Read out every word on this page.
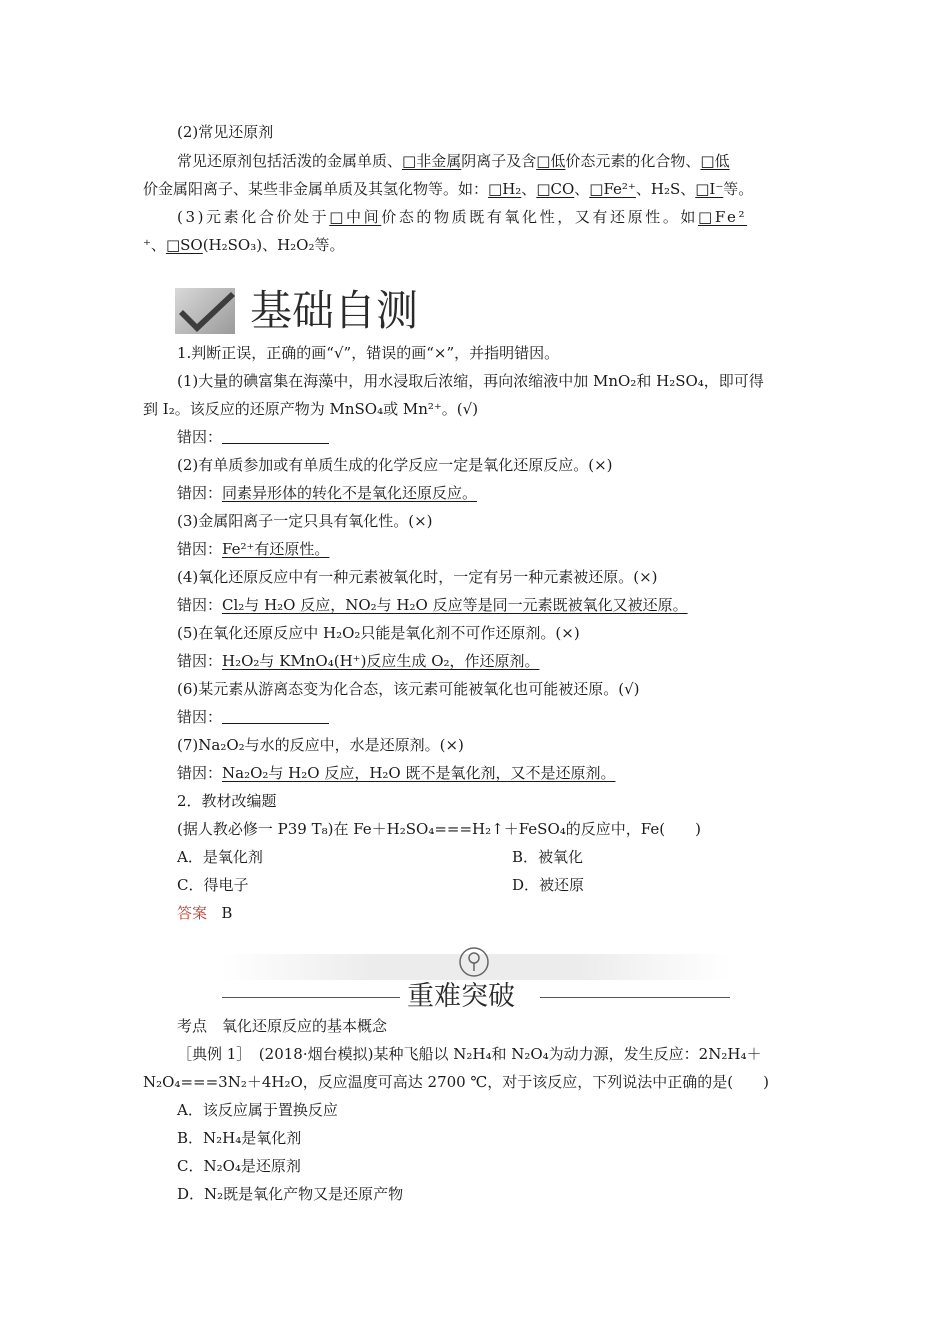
(2)常见还原剂
常见还原剂包括活泼的金属单质、□非金属阴离子及含□低价态元素的化合物、□低
价金属阳离子、某些非金属单质及其氢化物等。如：□H₂、□CO、□Fe²⁺、H₂S、□I⁻等。
(3)元素化合价处于□中间价态的物质既有氧化性，又有还原性。如□Fe²
⁺、□SO(H₂SO₃)、H₂O₂等。
基础自测
1.判断正误，正确的画“√”，错误的画“×”，并指明错因。
(1)大量的碘富集在海藻中，用水浸取后浓缩，再向浓缩液中加 MnO₂和 H₂SO₄，即可得
到 I₂。该反应的还原产物为 MnSO₄或 Mn²⁺。(√)
错因：
(2)有单质参加或有单质生成的化学反应一定是氧化还原反应。(×)
错因：同素异形体的转化不是氧化还原反应。
(3)金属阳离子一定只具有氧化性。(×)
错因：Fe²⁺有还原性。
(4)氧化还原反应中有一种元素被氧化时，一定有另一种元素被还原。(×)
错因：Cl₂与 H₂O 反应，NO₂与 H₂O 反应等是同一元素既被氧化又被还原。
(5)在氧化还原反应中 H₂O₂只能是氧化剂不可作还原剂。(×)
错因：H₂O₂与 KMnO₄(H⁺)反应生成 O₂，作还原剂。
(6)某元素从游离态变为化合态，该元素可能被氧化也可能被还原。(√)
错因：
(7)Na₂O₂与水的反应中，水是还原剂。(×)
错因：Na₂O₂与 H₂O 反应，H₂O 既不是氧化剂，又不是还原剂。
2．教材改编题
(据人教必修一 P39 T₈)在 Fe＋H₂SO₄===H₂↑＋FeSO₄的反应中，Fe(　　)
A．是氧化剂	B．被氧化
C．得电子	D．被还原
答案 B
重难突破
考点　氧化还原反应的基本概念
［典例 1］　(2018·烟台模拟)某种飞船以 N₂H₄和 N₂O₄为动力源，发生反应：2N₂H₄＋
N₂O₄===3N₂＋4H₂O，反应温度可高达 2700 ℃，对于该反应，下列说法中正确的是(　　)
A．该反应属于置换反应
B．N₂H₄是氧化剂
C．N₂O₄是还原剂
D．N₂既是氧化产物又是还原产物
